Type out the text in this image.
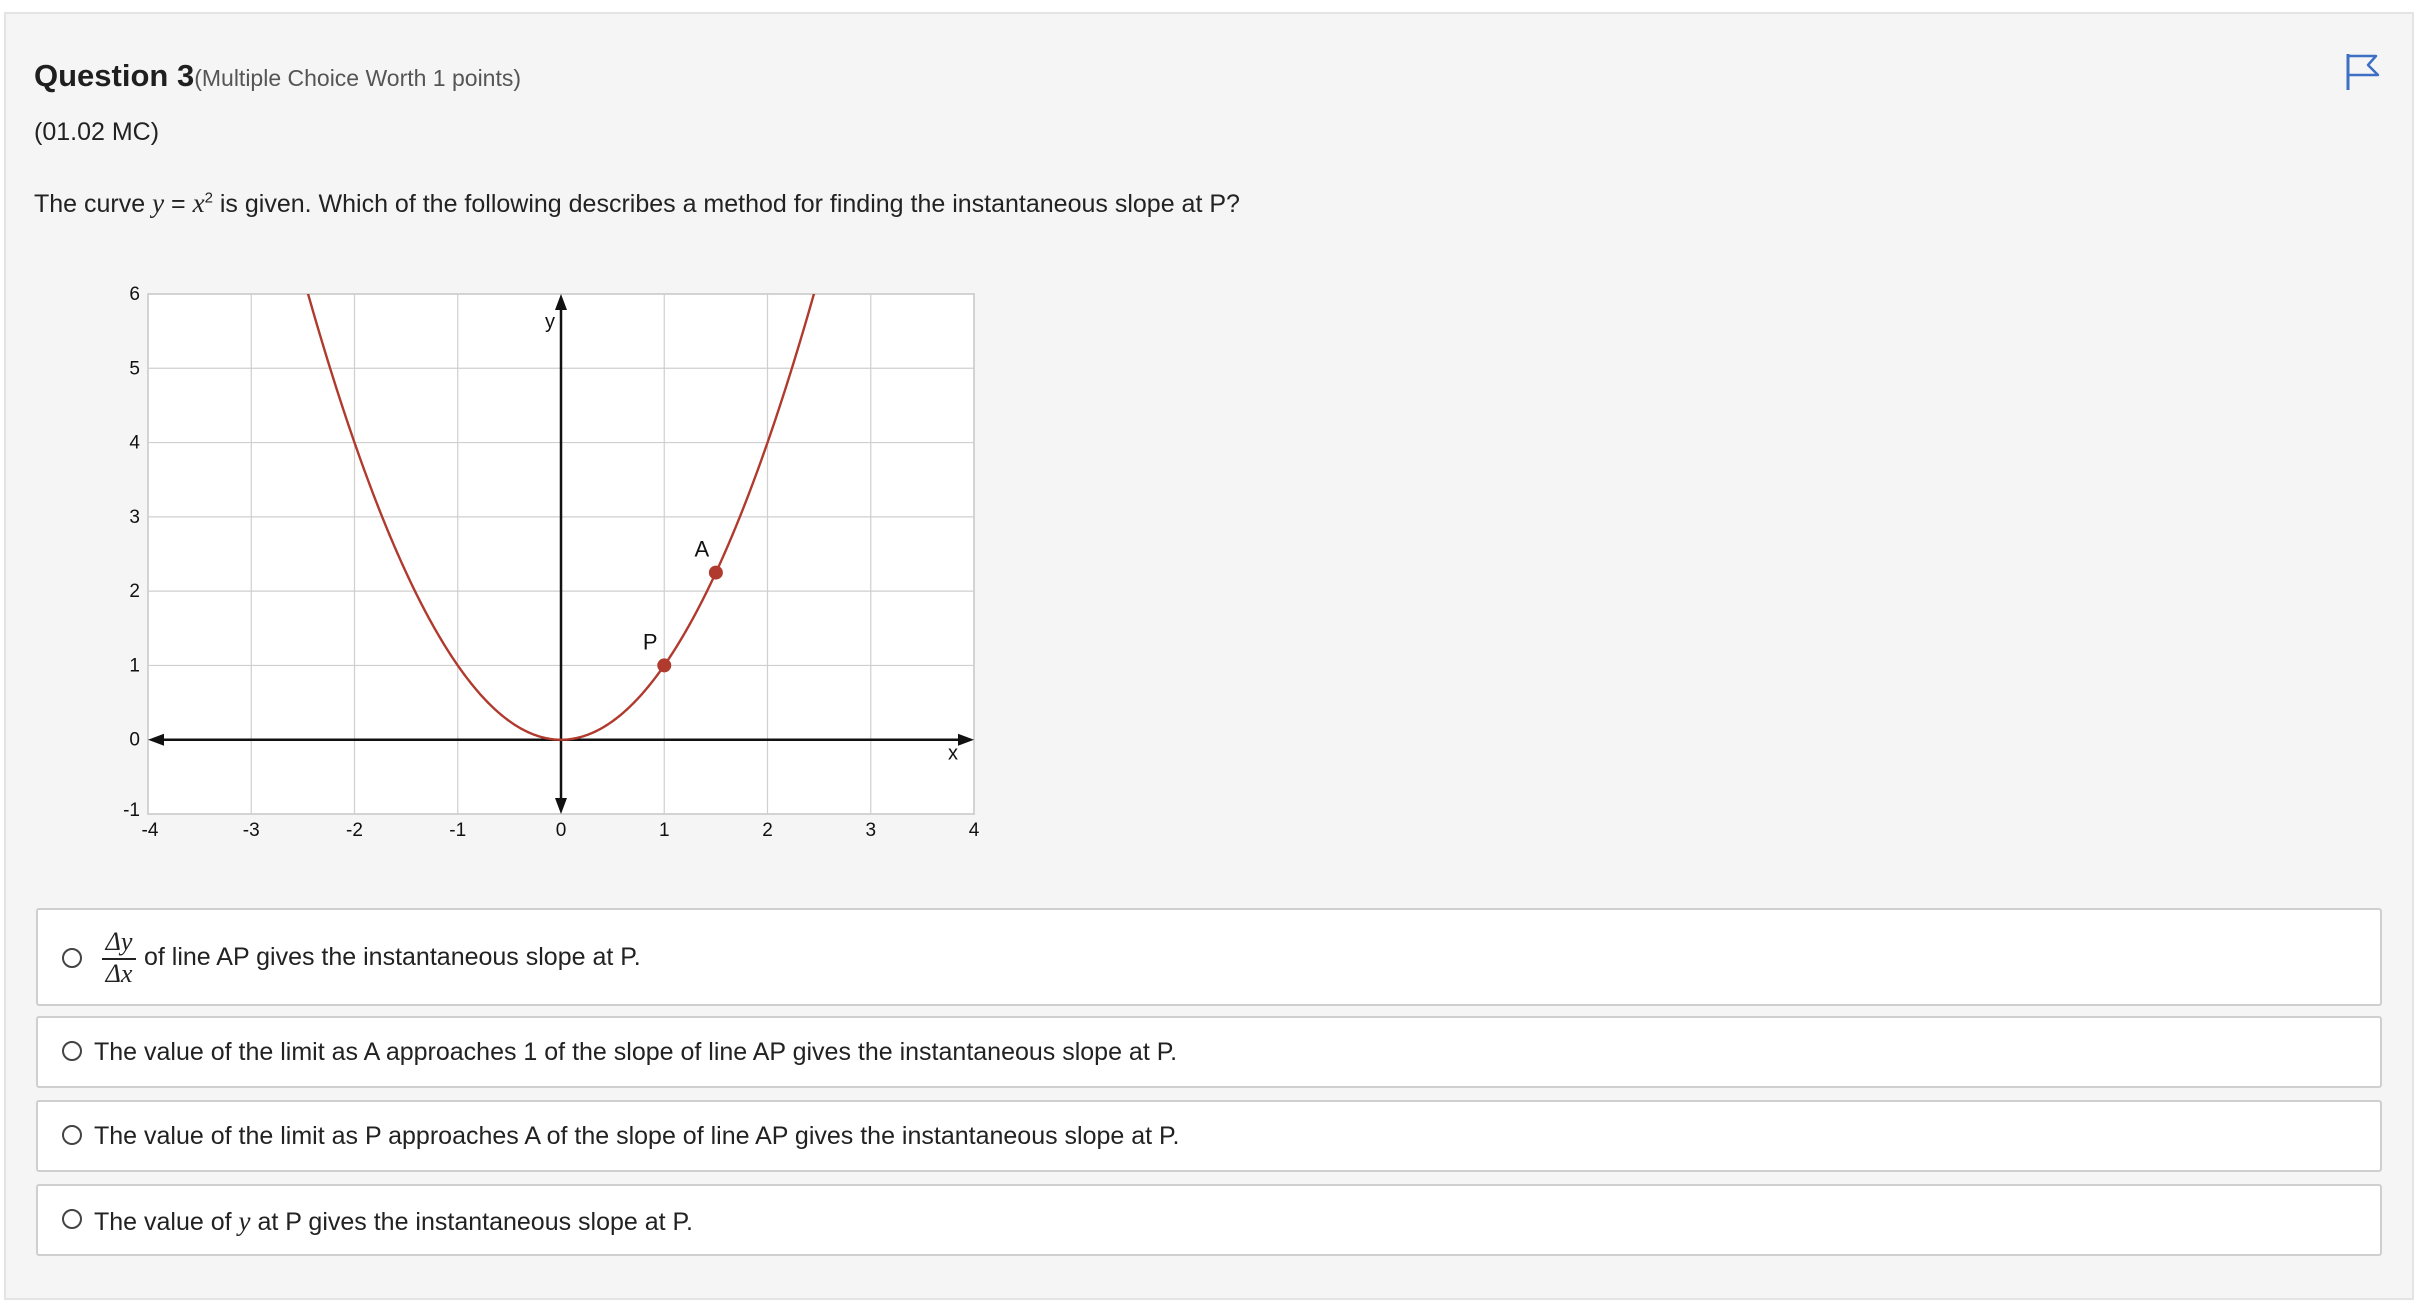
Question 3(Multiple Choice Worth 1 points)
(01.02 MC)
The curve $y = x^2$ is given. Which of the following describes a method for finding the instantaneous slope at P?
x
y
-4	-3	-2	-1	0	1	2	3	4
-1
0
1
2
3
4
5
6
P
A
$\frac{\Delta y}{\Delta x}$ of line AP gives the instantaneous slope at P.
The value of the limit as A approaches 1 of the slope of line AP gives the instantaneous slope at P.
The value of the limit as P approaches A of the slope of line AP gives the instantaneous slope at P.
The value of y at P gives the instantaneous slope at P.
